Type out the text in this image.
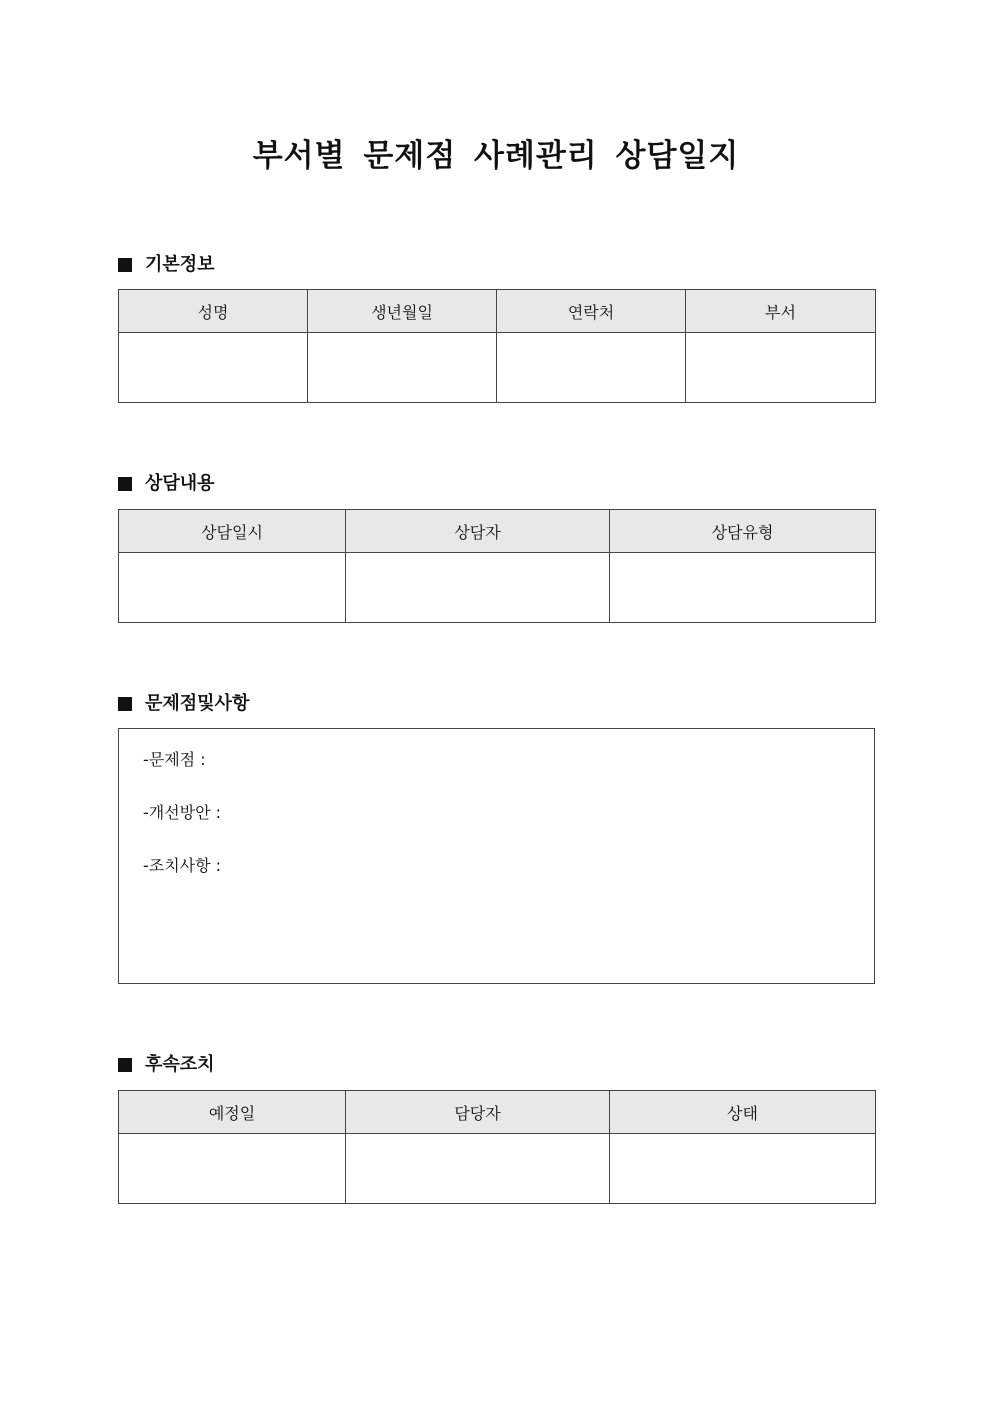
부서별 문제점 사례관리 상담일지
기본정보
성명	생년월일	연락처	부서

상담내용
상담일시	상담자	상담유형

문제점및사항
-문제점 :
-개선방안 :
-조치사항 :
후속조치
예정일	담당자	상태
